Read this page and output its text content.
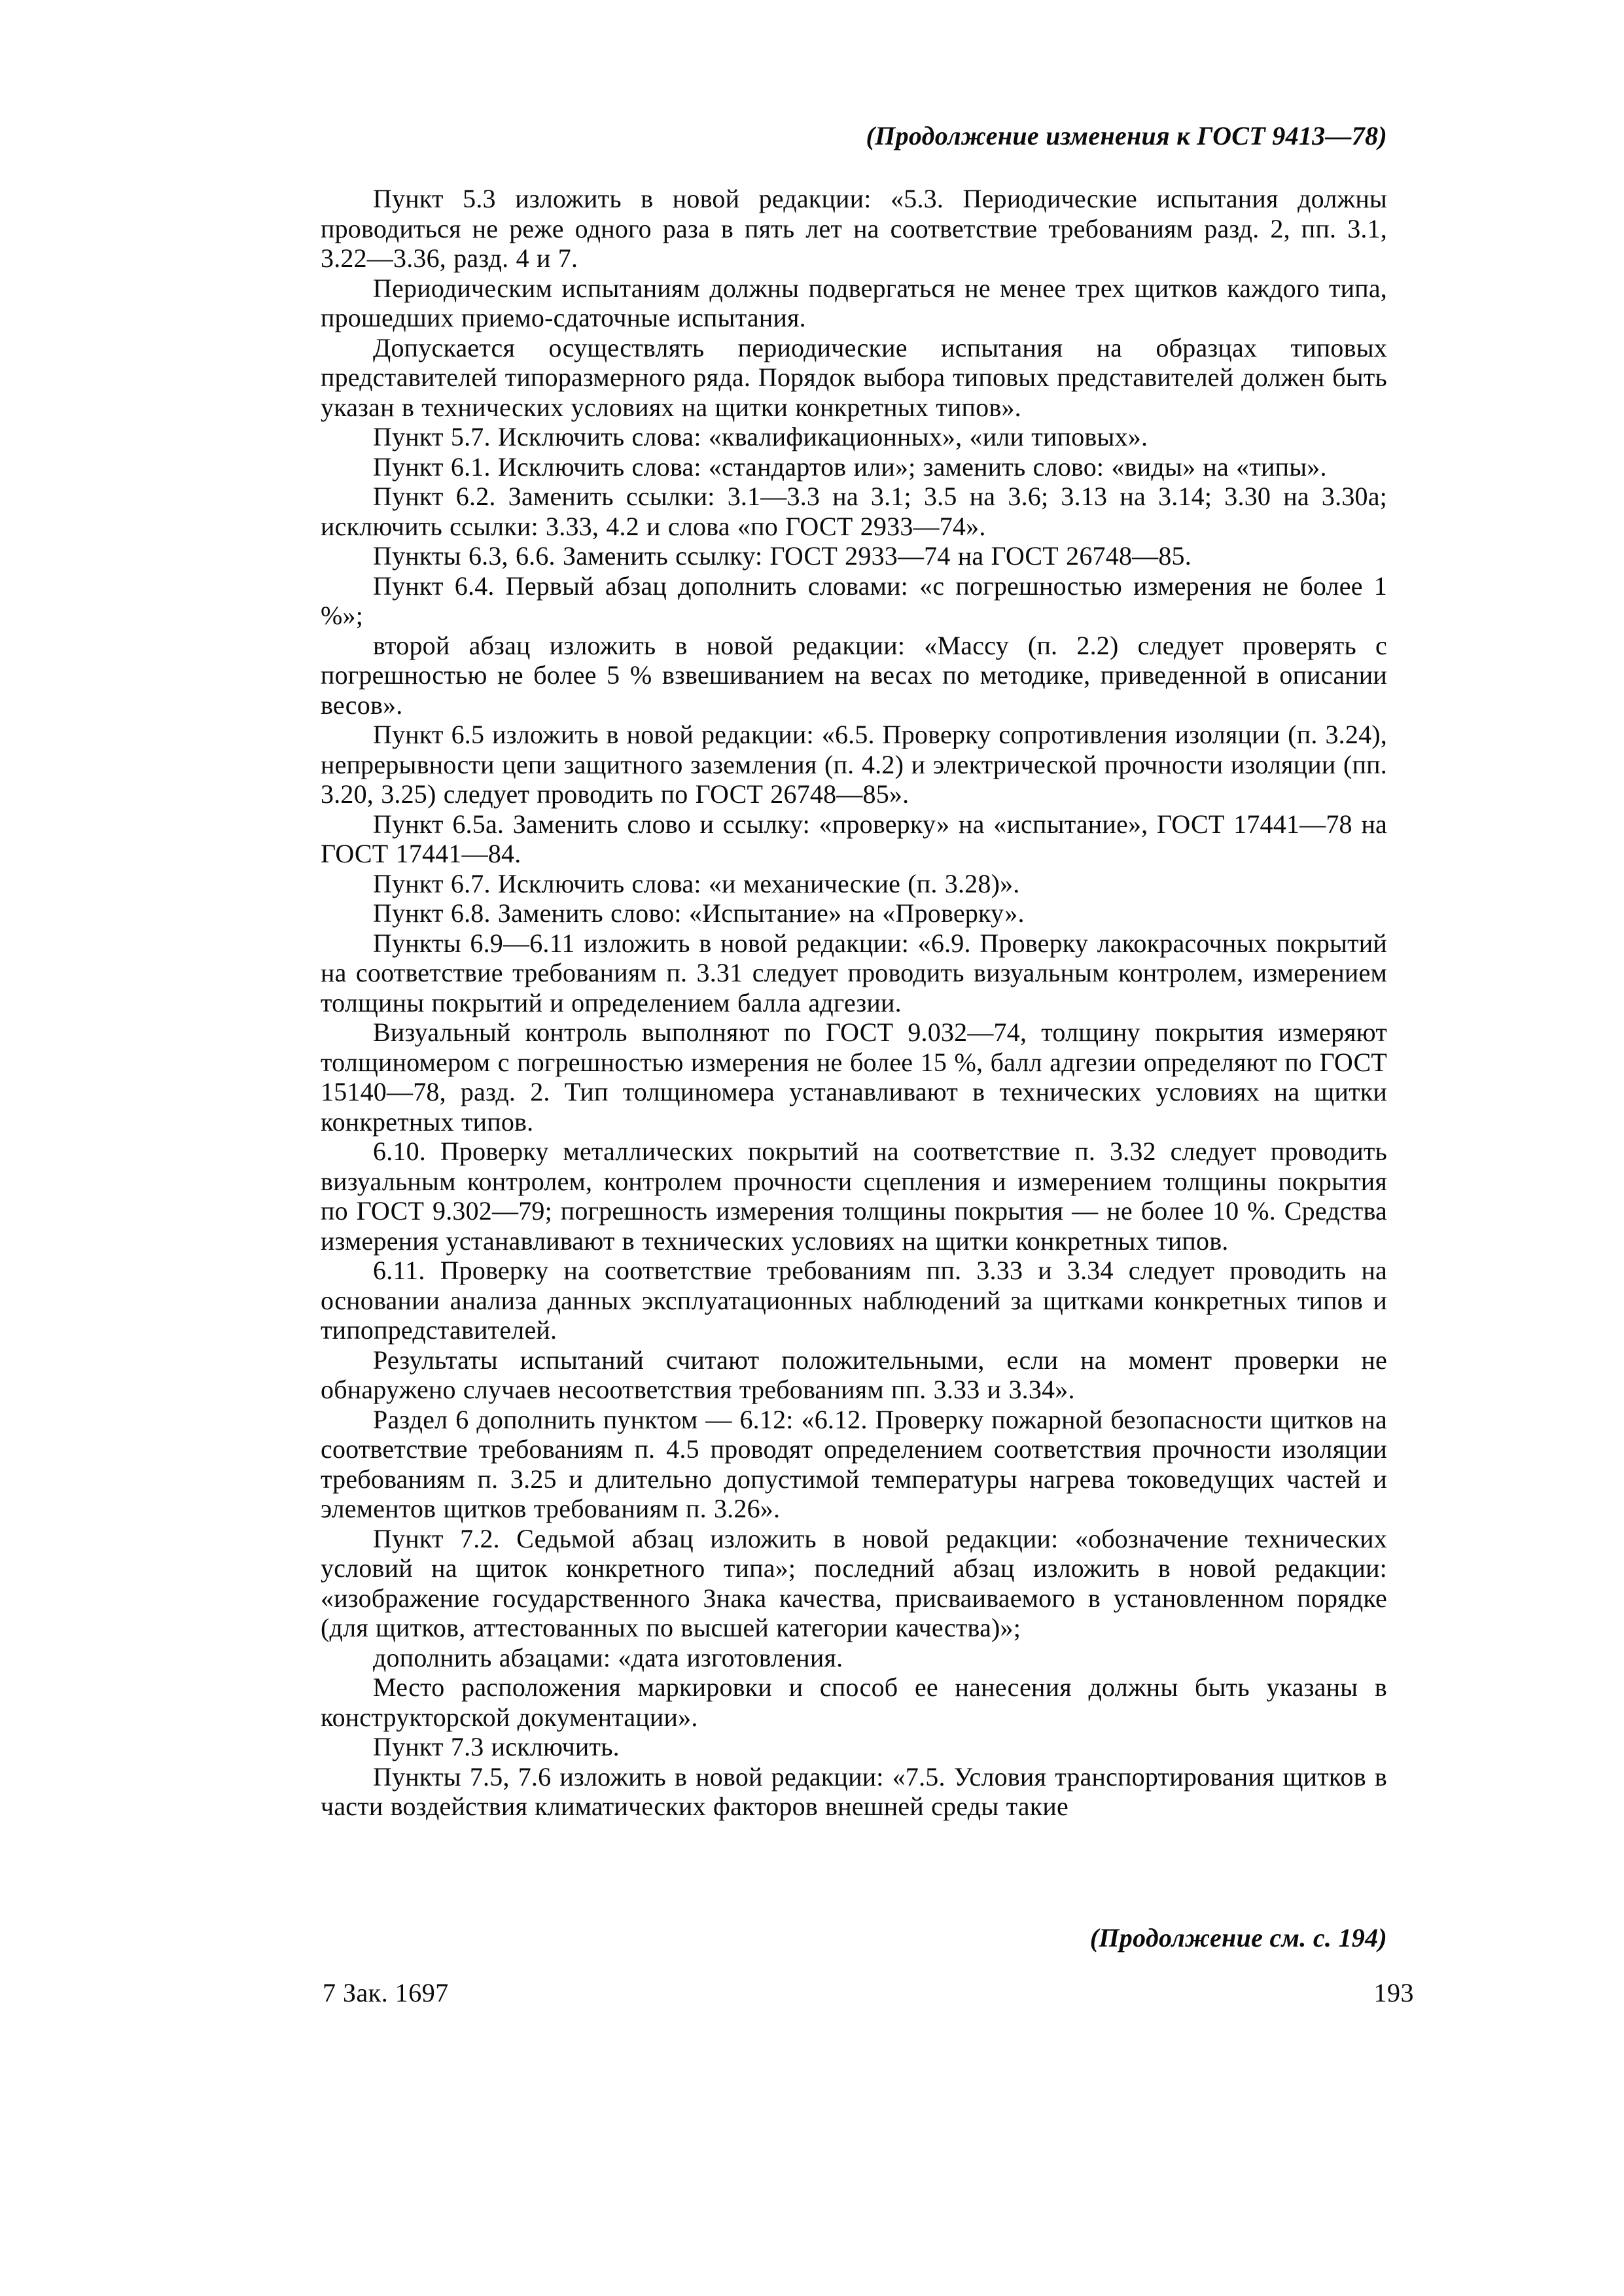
(Продолжение изменения к ГОСТ 9413—78)

Пункт 5.3 изложить в новой редакции: «5.3. Периодические испытания должны проводиться не реже одного раза в пять лет на соответствие требованиям разд. 2, пп. 3.1, 3.22—3.36, разд. 4 и 7.

Периодическим испытаниям должны подвергаться не менее трех щитков каждого типа, прошедших приемо-сдаточные испытания.

Допускается осуществлять периодические испытания на образцах типовых представителей типоразмерного ряда. Порядок выбора типовых представителей должен быть указан в технических условиях на щитки конкретных типов».

Пункт 5.7. Исключить слова: «квалификационных», «или типовых».

Пункт 6.1. Исключить слова: «стандартов или»; заменить слово: «виды» на «типы».

Пункт 6.2. Заменить ссылки: 3.1—3.3 на 3.1; 3.5 на 3.6; 3.13 на 3.14; 3.30 на 3.30а; исключить ссылки: 3.33, 4.2 и слова «по ГОСТ 2933—74».

Пункты 6.3, 6.6. Заменить ссылку: ГОСТ 2933—74 на ГОСТ 26748—85.

Пункт 6.4. Первый абзац дополнить словами: «с погрешностью измерения не более 1 %»;

второй абзац изложить в новой редакции: «Массу (п. 2.2) следует проверять с погрешностью не более 5 % взвешиванием на весах по методике, приведенной в описании весов».

Пункт 6.5 изложить в новой редакции: «6.5. Проверку сопротивления изоляции (п. 3.24), непрерывности цепи защитного заземления (п. 4.2) и электрической прочности изоляции (пп. 3.20, 3.25) следует проводить по ГОСТ 26748—85».

Пункт 6.5а. Заменить слово и ссылку: «проверку» на «испытание», ГОСТ 17441—78 на ГОСТ 17441—84.

Пункт 6.7. Исключить слова: «и механические (п. 3.28)».

Пункт 6.8. Заменить слово: «Испытание» на «Проверку».

Пункты 6.9—6.11 изложить в новой редакции: «6.9. Проверку лакокрасочных покрытий на соответствие требованиям п. 3.31 следует проводить визуальным контролем, измерением толщины покрытий и определением балла адгезии.

Визуальный контроль выполняют по ГОСТ 9.032—74, толщину покрытия измеряют толщиномером с погрешностью измерения не более 15 %, балл адгезии определяют по ГОСТ 15140—78, разд. 2. Тип толщиномера устанавливают в технических условиях на щитки конкретных типов.

6.10. Проверку металлических покрытий на соответствие п. 3.32 следует проводить визуальным контролем, контролем прочности сцепления и измерением толщины покрытия по ГОСТ 9.302—79; погрешность измерения толщины покрытия — не более 10 %. Средства измерения устанавливают в технических условиях на щитки конкретных типов.

6.11. Проверку на соответствие требованиям пп. 3.33 и 3.34 следует проводить на основании анализа данных эксплуатационных наблюдений за щитками конкретных типов и типопредставителей.

Результаты испытаний считают положительными, если на момент проверки не обнаружено случаев несоответствия требованиям пп. 3.33 и 3.34».

Раздел 6 дополнить пунктом — 6.12: «6.12. Проверку пожарной безопасности щитков на соответствие требованиям п. 4.5 проводят определением соответствия прочности изоляции требованиям п. 3.25 и длительно допустимой температуры нагрева токоведущих частей и элементов щитков требованиям п. 3.26».

Пункт 7.2. Седьмой абзац изложить в новой редакции: «обозначение технических условий на щиток конкретного типа»; последний абзац изложить в новой редакции: «изображение государственного Знака качества, присваиваемого в установленном порядке (для щитков, аттестованных по высшей категории качества)»;

дополнить абзацами: «дата изготовления.

Место расположения маркировки и способ ее нанесения должны быть указаны в конструкторской документации».

Пункт 7.3 исключить.

Пункты 7.5, 7.6 изложить в новой редакции: «7.5. Условия транспортирования щитков в части воздействия климатических факторов внешней среды такие

(Продолжение см. с. 194)
7 Зак. 1697	193
